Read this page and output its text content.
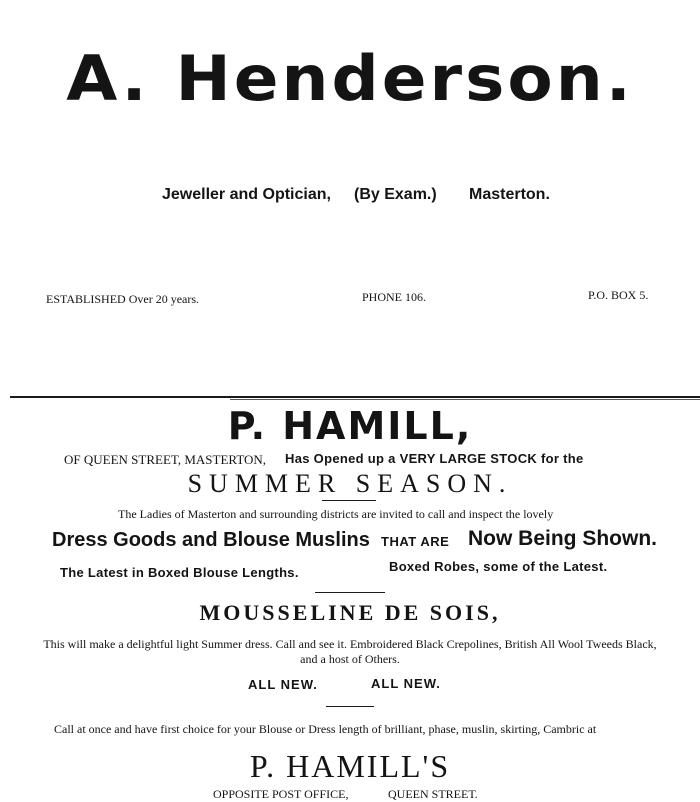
A. Henderson.
Jeweller and Optician, (By Exam.) Masterton.
ESTABLISHED Over 20 years.	PHONE 106.	P.O. BOX 5.
P. HAMILL,
OF QUEEN STREET, MASTERTON, Has Opened up a VERY LARGE STOCK for the
SUMMER SEASON.
The Ladies of Masterton and surrounding districts are invited to call and inspect the lovely
Dress Goods and Blouse Muslins THAT ARE Now Being Shown.
The Latest in Boxed Blouse Lengths.	Boxed Robes, some of the Latest.
MOUSSELINE DE SOIS,
This will make a delightful light Summer dress. Call and see it. Embroidered Black Crepolines, British All Wool Tweeds Black,
and a host of Others.
ALL NEW.	ALL NEW.
Call at once and have first choice for your Blouse or Dress length of brilliant, phase, muslin, skirting, Cambric at
P. HAMILL'S
OPPOSITE POST OFFICE,	QUEEN STREET.
